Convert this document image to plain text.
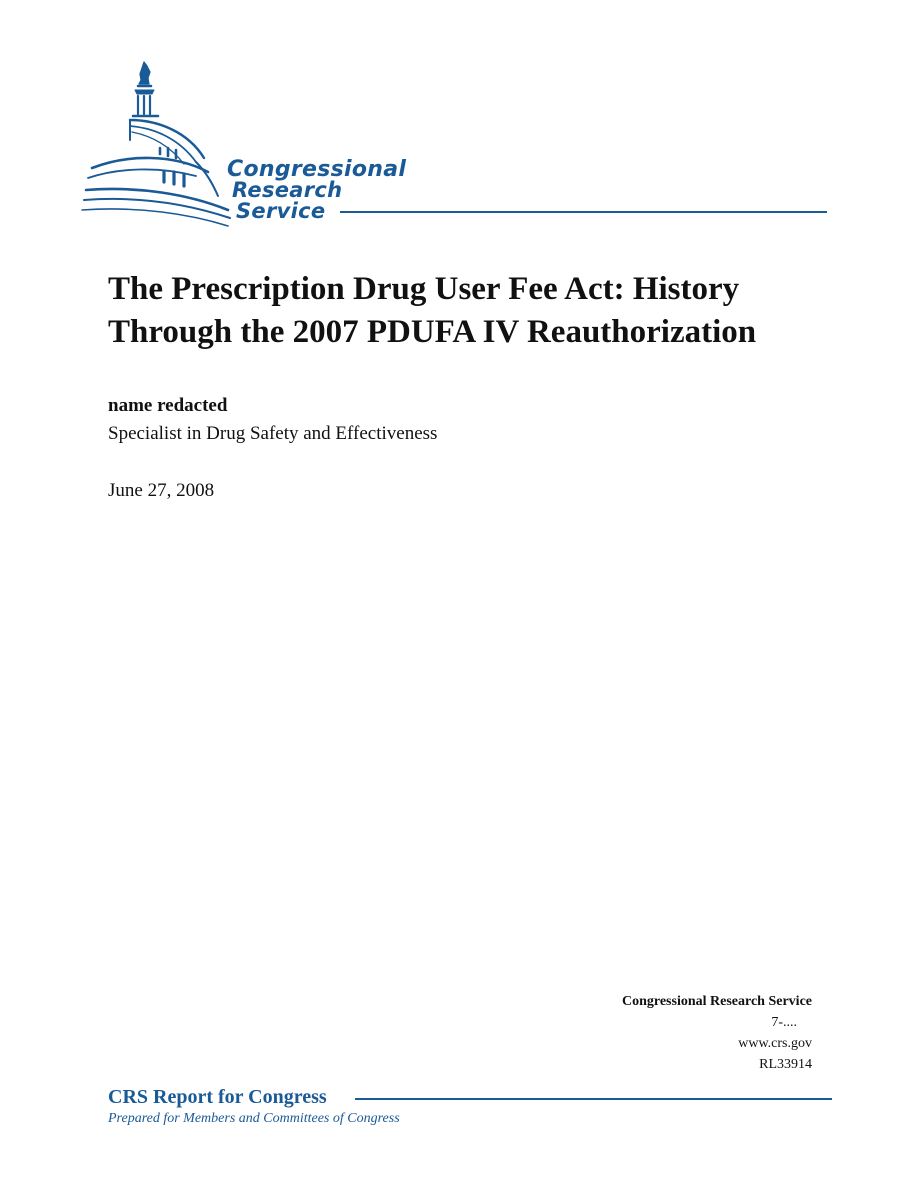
Congressional
Research
Service
The Prescription Drug User Fee Act: History Through the 2007 PDUFA IV Reauthorization
name redacted
Specialist in Drug Safety and Effectiveness
June 27, 2008
Congressional Research Service
7-....
www.crs.gov
RL33914
CRS Report for Congress
Prepared for Members and Committees of Congress
